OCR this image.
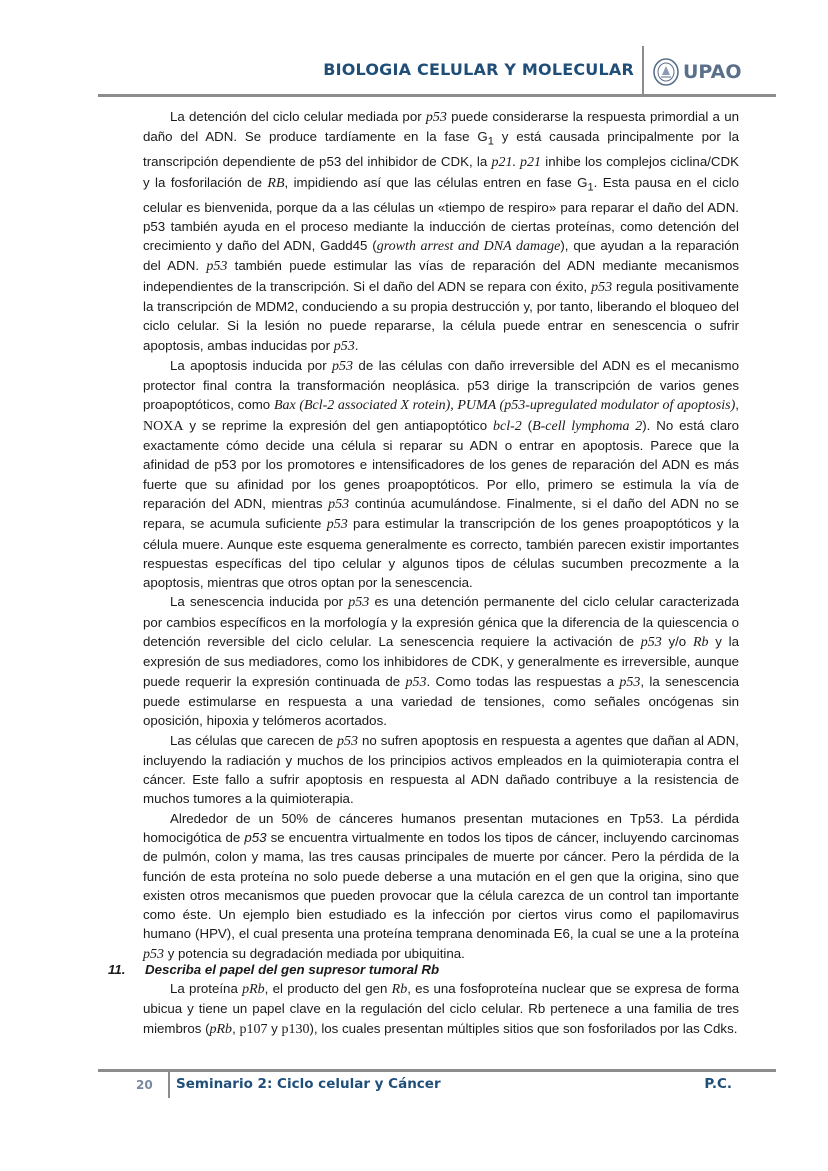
BIOLOGIA CELULAR Y MOLECULAR	UPAO

La detención del ciclo celular mediada por p53 puede considerarse la respuesta primordial a un daño del ADN. Se produce tardíamente en la fase $G_1$ y está causada principalmente por la transcripción dependiente de p53 del inhibidor de CDK, la p21. p21 inhibe los complejos ciclina/CDK y la fosforilación de RB, impidiendo así que las células entren en fase $G_1$. Esta pausa en el ciclo celular es bienvenida, porque da a las células un «tiempo de respiro» para reparar el daño del ADN. p53 también ayuda en el proceso mediante la inducción de ciertas proteínas, como detención del crecimiento y daño del ADN, Gadd45 (growth arrest and DNA damage), que ayudan a la reparación del ADN. p53 también puede estimular las vías de reparación del ADN mediante mecanismos independientes de la transcripción. Si el daño del ADN se repara con éxito, p53 regula positivamente la transcripción de MDM2, conduciendo a su propia destrucción y, por tanto, liberando el bloqueo del ciclo celular. Si la lesión no puede repararse, la célula puede entrar en senescencia o sufrir apoptosis, ambas inducidas por p53.

La apoptosis inducida por p53 de las células con daño irreversible del ADN es el mecanismo protector final contra la transformación neoplásica. p53 dirige la transcripción de varios genes proapoptóticos, como Bax (Bcl-2 associated X rotein), PUMA (p53-upregulated modulator of apoptosis), NOXA y se reprime la expresión del gen antiapoptótico bcl-2 (B-cell lymphoma 2). No está claro exactamente cómo decide una célula si reparar su ADN o entrar en apoptosis. Parece que la afinidad de p53 por los promotores e intensificadores de los genes de reparación del ADN es más fuerte que su afinidad por los genes proapoptóticos. Por ello, primero se estimula la vía de reparación del ADN, mientras p53 continúa acumulándose. Finalmente, si el daño del ADN no se repara, se acumula suficiente p53 para estimular la transcripción de los genes proapoptóticos y la célula muere. Aunque este esquema generalmente es correcto, también parecen existir importantes respuestas específicas del tipo celular y algunos tipos de células sucumben precozmente a la apoptosis, mientras que otros optan por la senescencia.

La senescencia inducida por p53 es una detención permanente del ciclo celular caracterizada por cambios específicos en la morfología y la expresión génica que la diferencia de la quiescencia o detención reversible del ciclo celular. La senescencia requiere la activación de p53 y/o Rb y la expresión de sus mediadores, como los inhibidores de CDK, y generalmente es irreversible, aunque puede requerir la expresión continuada de p53. Como todas las respuestas a p53, la senescencia puede estimularse en respuesta a una variedad de tensiones, como señales oncógenas sin oposición, hipoxia y telómeros acortados.

Las células que carecen de p53 no sufren apoptosis en respuesta a agentes que dañan al ADN, incluyendo la radiación y muchos de los principios activos empleados en la quimioterapia contra el cáncer. Este fallo a sufrir apoptosis en respuesta al ADN dañado contribuye a la resistencia de muchos tumores a la quimioterapia.

Alrededor de un 50% de cánceres humanos presentan mutaciones en Tp53. La pérdida homocigótica de p53 se encuentra virtualmente en todos los tipos de cáncer, incluyendo carcinomas de pulmón, colon y mama, las tres causas principales de muerte por cáncer. Pero la pérdida de la función de esta proteína no solo puede deberse a una mutación en el gen que la origina, sino que existen otros mecanismos que pueden provocar que la célula carezca de un control tan importante como éste. Un ejemplo bien estudiado es la infección por ciertos virus como el papilomavirus humano (HPV), el cual presenta una proteína temprana denominada E6, la cual se une a la proteína p53 y potencia su degradación mediada por ubiquitina.

11. Describa el papel del gen supresor tumoral Rb

La proteína pRb, el producto del gen Rb, es una fosfoproteína nuclear que se expresa de forma ubicua y tiene un papel clave en la regulación del ciclo celular. Rb pertenece a una familia de tres miembros (pRb, p107 y p130), los cuales presentan múltiples sitios que son fosforilados por las Cdks.

20 Seminario 2: Ciclo celular y Cáncer	P.C.
